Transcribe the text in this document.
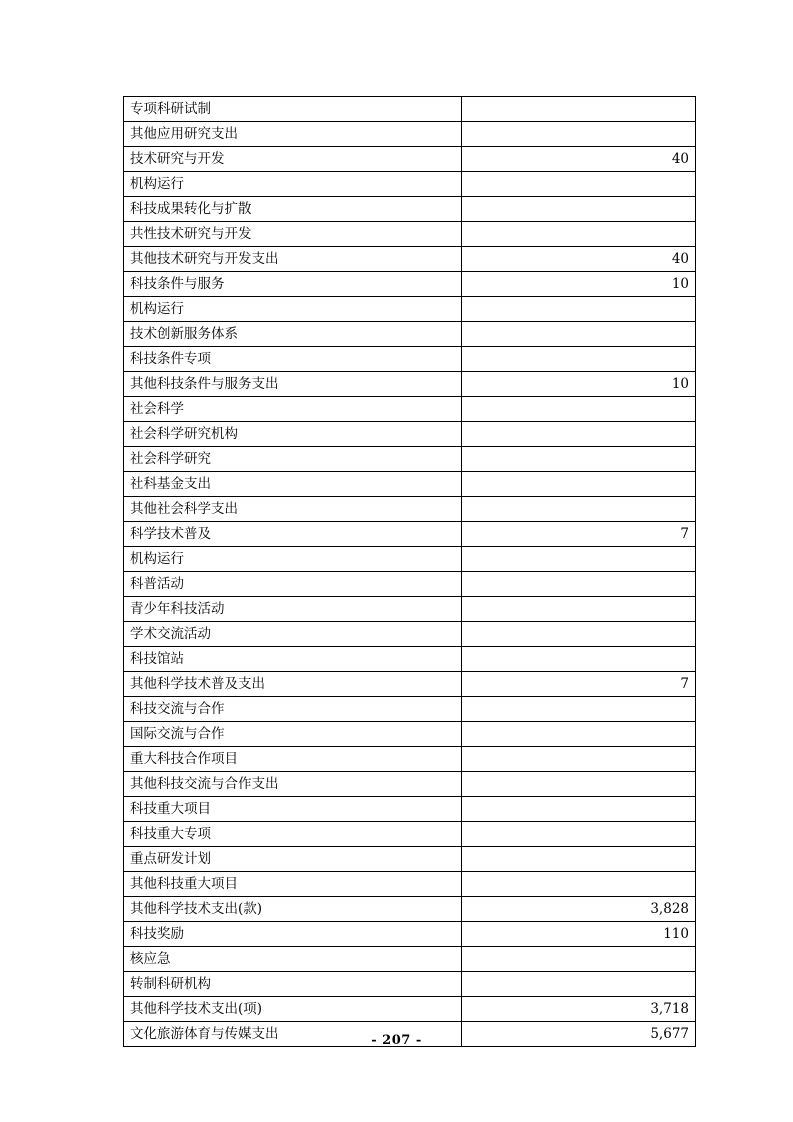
专项科研试制	
其他应用研究支出	
技术研究与开发	40
机构运行	
科技成果转化与扩散	
共性技术研究与开发	
其他技术研究与开发支出	40
科技条件与服务	10
机构运行	
技术创新服务体系	
科技条件专项	
其他科技条件与服务支出	10
社会科学	
社会科学研究机构	
社会科学研究	
社科基金支出	
其他社会科学支出	
科学技术普及	7
机构运行	
科普活动	
青少年科技活动	
学术交流活动	
科技馆站	
其他科学技术普及支出	7
科技交流与合作	
国际交流与合作	
重大科技合作项目	
其他科技交流与合作支出	
科技重大项目	
科技重大专项	
重点研发计划	
其他科技重大项目	
其他科学技术支出(款)	3,828
科技奖励	110
核应急	
转制科研机构	
其他科学技术支出(项)	3,718
文化旅游体育与传媒支出	5,677
- 207 -
